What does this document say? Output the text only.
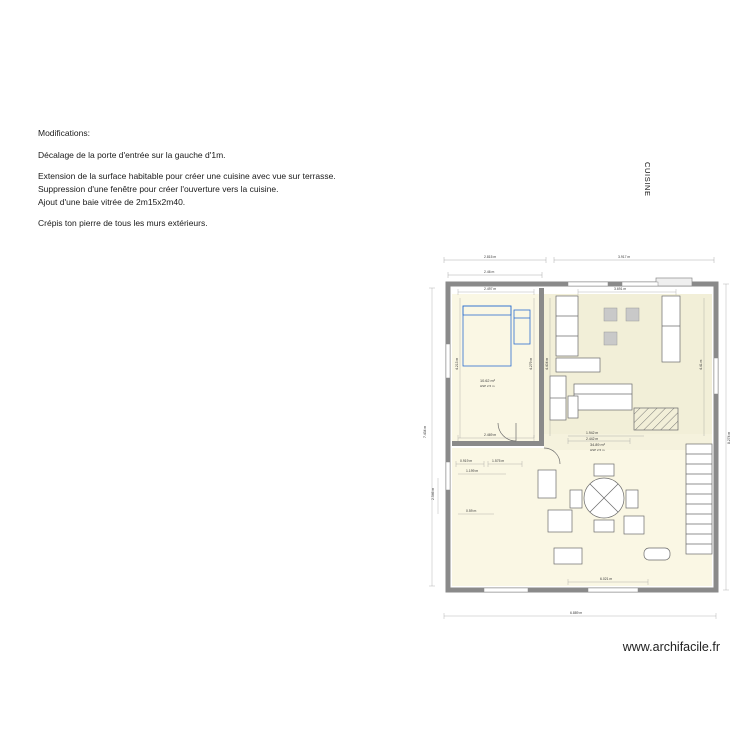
Modifications:

Décalage de la porte d'entrée sur la gauche d'1m.

Extension de la surface habitable pour créer une cuisine avec vue sur terrasse.

Suppression d'une fenêtre pour créer l'ouverture vers la cuisine.

Ajout d'une baie vitrée de 2m15x2m40.

Crépis ton pierre de tous les murs extérieurs.

CUISINE
www.archifacile.fr
2.815 m	3.917 m
2.46 m
10.62 m²
HSP 2.5 m
34.89 m²
HSP 2.5 m
2.497 m	3.691 m
7.434 m	8.274 m
4.213 m	4.279 m	4.404 m	4.41 m
2.469 m
2.442 m
1.942 m
0.919 m	1.575 m
1.199 m
2.546 m
0.59 m
6.021 m
6.889 m
